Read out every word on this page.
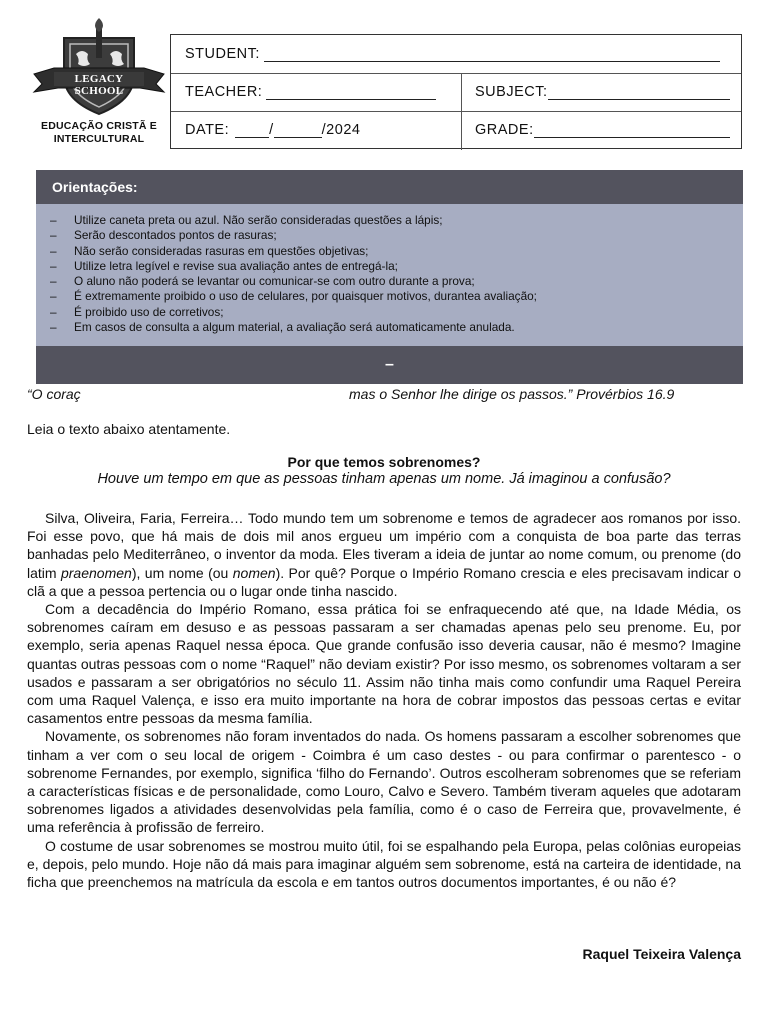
LEGACY SCHOOL
EDUCAÇÃO CRISTÃ E
INTERCULTURAL
STUDENT:
TEACHER:	SUBJECT:
DATE:	/	/2024	GRADE:
Orientações:
– Utilize caneta preta ou azul. Não serão consideradas questões a lápis;
– Serão descontados pontos de rasuras;
– Não serão consideradas rasuras em questões objetivas;
– Utilize letra legível e revise sua avaliação antes de entregá-la;
– O aluno não poderá se levantar ou comunicar-se com outro durante a prova;
– É extremamente proibido o uso de celulares, por quaisquer motivos, durantea avaliação;
– É proibido uso de corretivos;
– Em casos de consulta a algum material, a avaliação será automaticamente anulada.
–
“O coraç	mas o Senhor lhe dirige os passos.” Provérbios 16.9
Leia o texto abaixo atentamente.
Por que temos sobrenomes?
Houve um tempo em que as pessoas tinham apenas um nome. Já imaginou a confusão?

Silva, Oliveira, Faria, Ferreira… Todo mundo tem um sobrenome e temos de agradecer aos romanos por isso. Foi esse povo, que há mais de dois mil anos ergueu um império com a conquista de boa parte das terras banhadas pelo Mediterrâneo, o inventor da moda. Eles tiveram a ideia de juntar ao nome comum, ou prenome (do latim praenomen), um nome (ou nomen). Por quê? Porque o Império Romano crescia e eles precisavam indicar o clã a que a pessoa pertencia ou o lugar onde tinha nascido.

Com a decadência do Império Romano, essa prática foi se enfraquecendo até que, na Idade Média, os sobrenomes caíram em desuso e as pessoas passaram a ser chamadas apenas pelo seu prenome. Eu, por exemplo, seria apenas Raquel nessa época. Que grande confusão isso deveria causar, não é mesmo? Imagine quantas outras pessoas com o nome “Raquel” não deviam existir? Por isso mesmo, os sobrenomes voltaram a ser usados e passaram a ser obrigatórios no século 11. Assim não tinha mais como confundir uma Raquel Pereira com uma Raquel Valença, e isso era muito importante na hora de cobrar impostos das pessoas certas e evitar casamentos entre pessoas da mesma família.

Novamente, os sobrenomes não foram inventados do nada. Os homens passaram a escolher sobrenomes que tinham a ver com o seu local de origem - Coimbra é um caso destes - ou para confirmar o parentesco - o sobrenome Fernandes, por exemplo, significa ‘filho do Fernando’. Outros escolheram sobrenomes que se referiam a características físicas e de personalidade, como Louro, Calvo e Severo. Também tiveram aqueles que adotaram sobrenomes ligados a atividades desenvolvidas pela família, como é o caso de Ferreira que, provavelmente, é uma referência à profissão de ferreiro.

O costume de usar sobrenomes se mostrou muito útil, foi se espalhando pela Europa, pelas colônias europeias e, depois, pelo mundo. Hoje não dá mais para imaginar alguém sem sobrenome, está na carteira de identidade, na ficha que preenchemos na matrícula da escola e em tantos outros documentos importantes, é ou não é?

Raquel Teixeira Valença
